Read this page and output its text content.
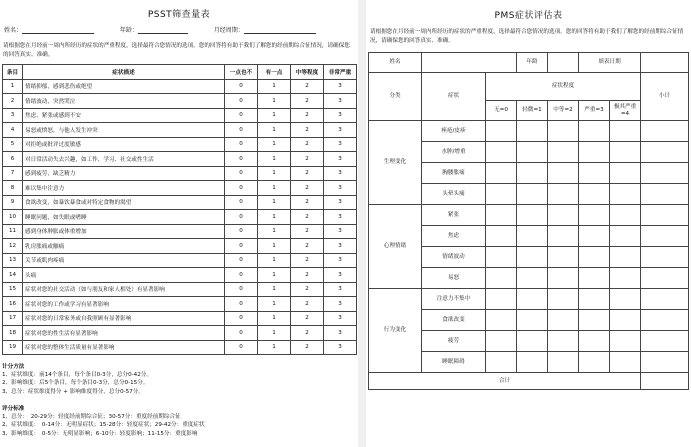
PSST筛查量表
姓名：	年龄：	月经周期：
请根据您在月经前一周内所经历的症状的严重程度，选择最符合您情况的选项。您的回答将有助于我们了解您的经前期综合征情况，请确保您的回答真实、准确。
条目	症状描述	一点也不	有一点	中等程度	非常严重
1	情绪抑郁，感到悲伤或绝望	0	1	2	3
2	情绪波动，突然哭泣	0	1	2	3
3	焦虑、紧张或感到不安	0	1	2	3
4	易怒或愤怒，与他人发生冲突	0	1	2	3
5	对拒绝或批评过度敏感	0	1	2	3
6	对日常活动失去兴趣，如工作、学习、社交或性生活	0	1	2	3
7	感到疲劳，缺乏精力	0	1	2	3
8	难以集中注意力	0	1	2	3
9	食欲改变，如暴饮暴食或对特定食物的渴望	0	1	2	3
10	睡眠问题，如失眠或嗜睡	0	1	2	3
11	感到身体肿胀或体重增加	0	1	2	3
12	乳房胀痛或触痛	0	1	2	3
13	关节或肌肉疼痛	0	1	2	3
14	头痛	0	1	2	3
15	症状对您的社交活动（如与朋友和家人相处）有显著影响	0	1	2	3
16	症状对您的工作或学习有显著影响	0	1	2	3
17	症状对您的日常家务或自我照顾有显著影响	0	1	2	3
18	症状对您的性生活有显著影响	0	1	2	3
19	症状对您的整体生活质量有显著影响	0	1	2	3
计分方法
1、症状维度：前14个条目，每个条目0-3分，总分0-42分。
2、影响维度：后5个条目，每个条目0-3分，总分0-15分。
3、总分：症状维度得分 + 影响维度得分，总分0-57分。
评分标准
1、总分：　20-29分：轻度经前期综合征；30-57分：重度经前期综合征
2、症状维度：　0-14分：无明显症状；15-28分：轻度症状；29-42分：重度症状
3、影响维度：　0-5分：无明显影响；6-10分：轻度影响；11-15分：重度影响
PMS症状评估表
请根据您在月经前一周内所经历的症状的严重程度，选择最符合您情况的选项。您的回答将有助于我们了解您的经前期综合征情况，请确保您的回答真实、准确。
姓名			年龄		填表日期		
分类	症状	症状程度					小计
		无=0	轻微=1	中等=2	严重=3	极其严重=4	
生理变化	痤疮/皮疹						
	水肿/增重						
	胸腰胀痛						
	头晕头痛						
心理情绪	紧张						
	焦虑						
	情绪波动						
	易怒						
行为变化	注意力不集中						
	食欲改变						
	疲劳						
	睡眠障碍						
合计							
